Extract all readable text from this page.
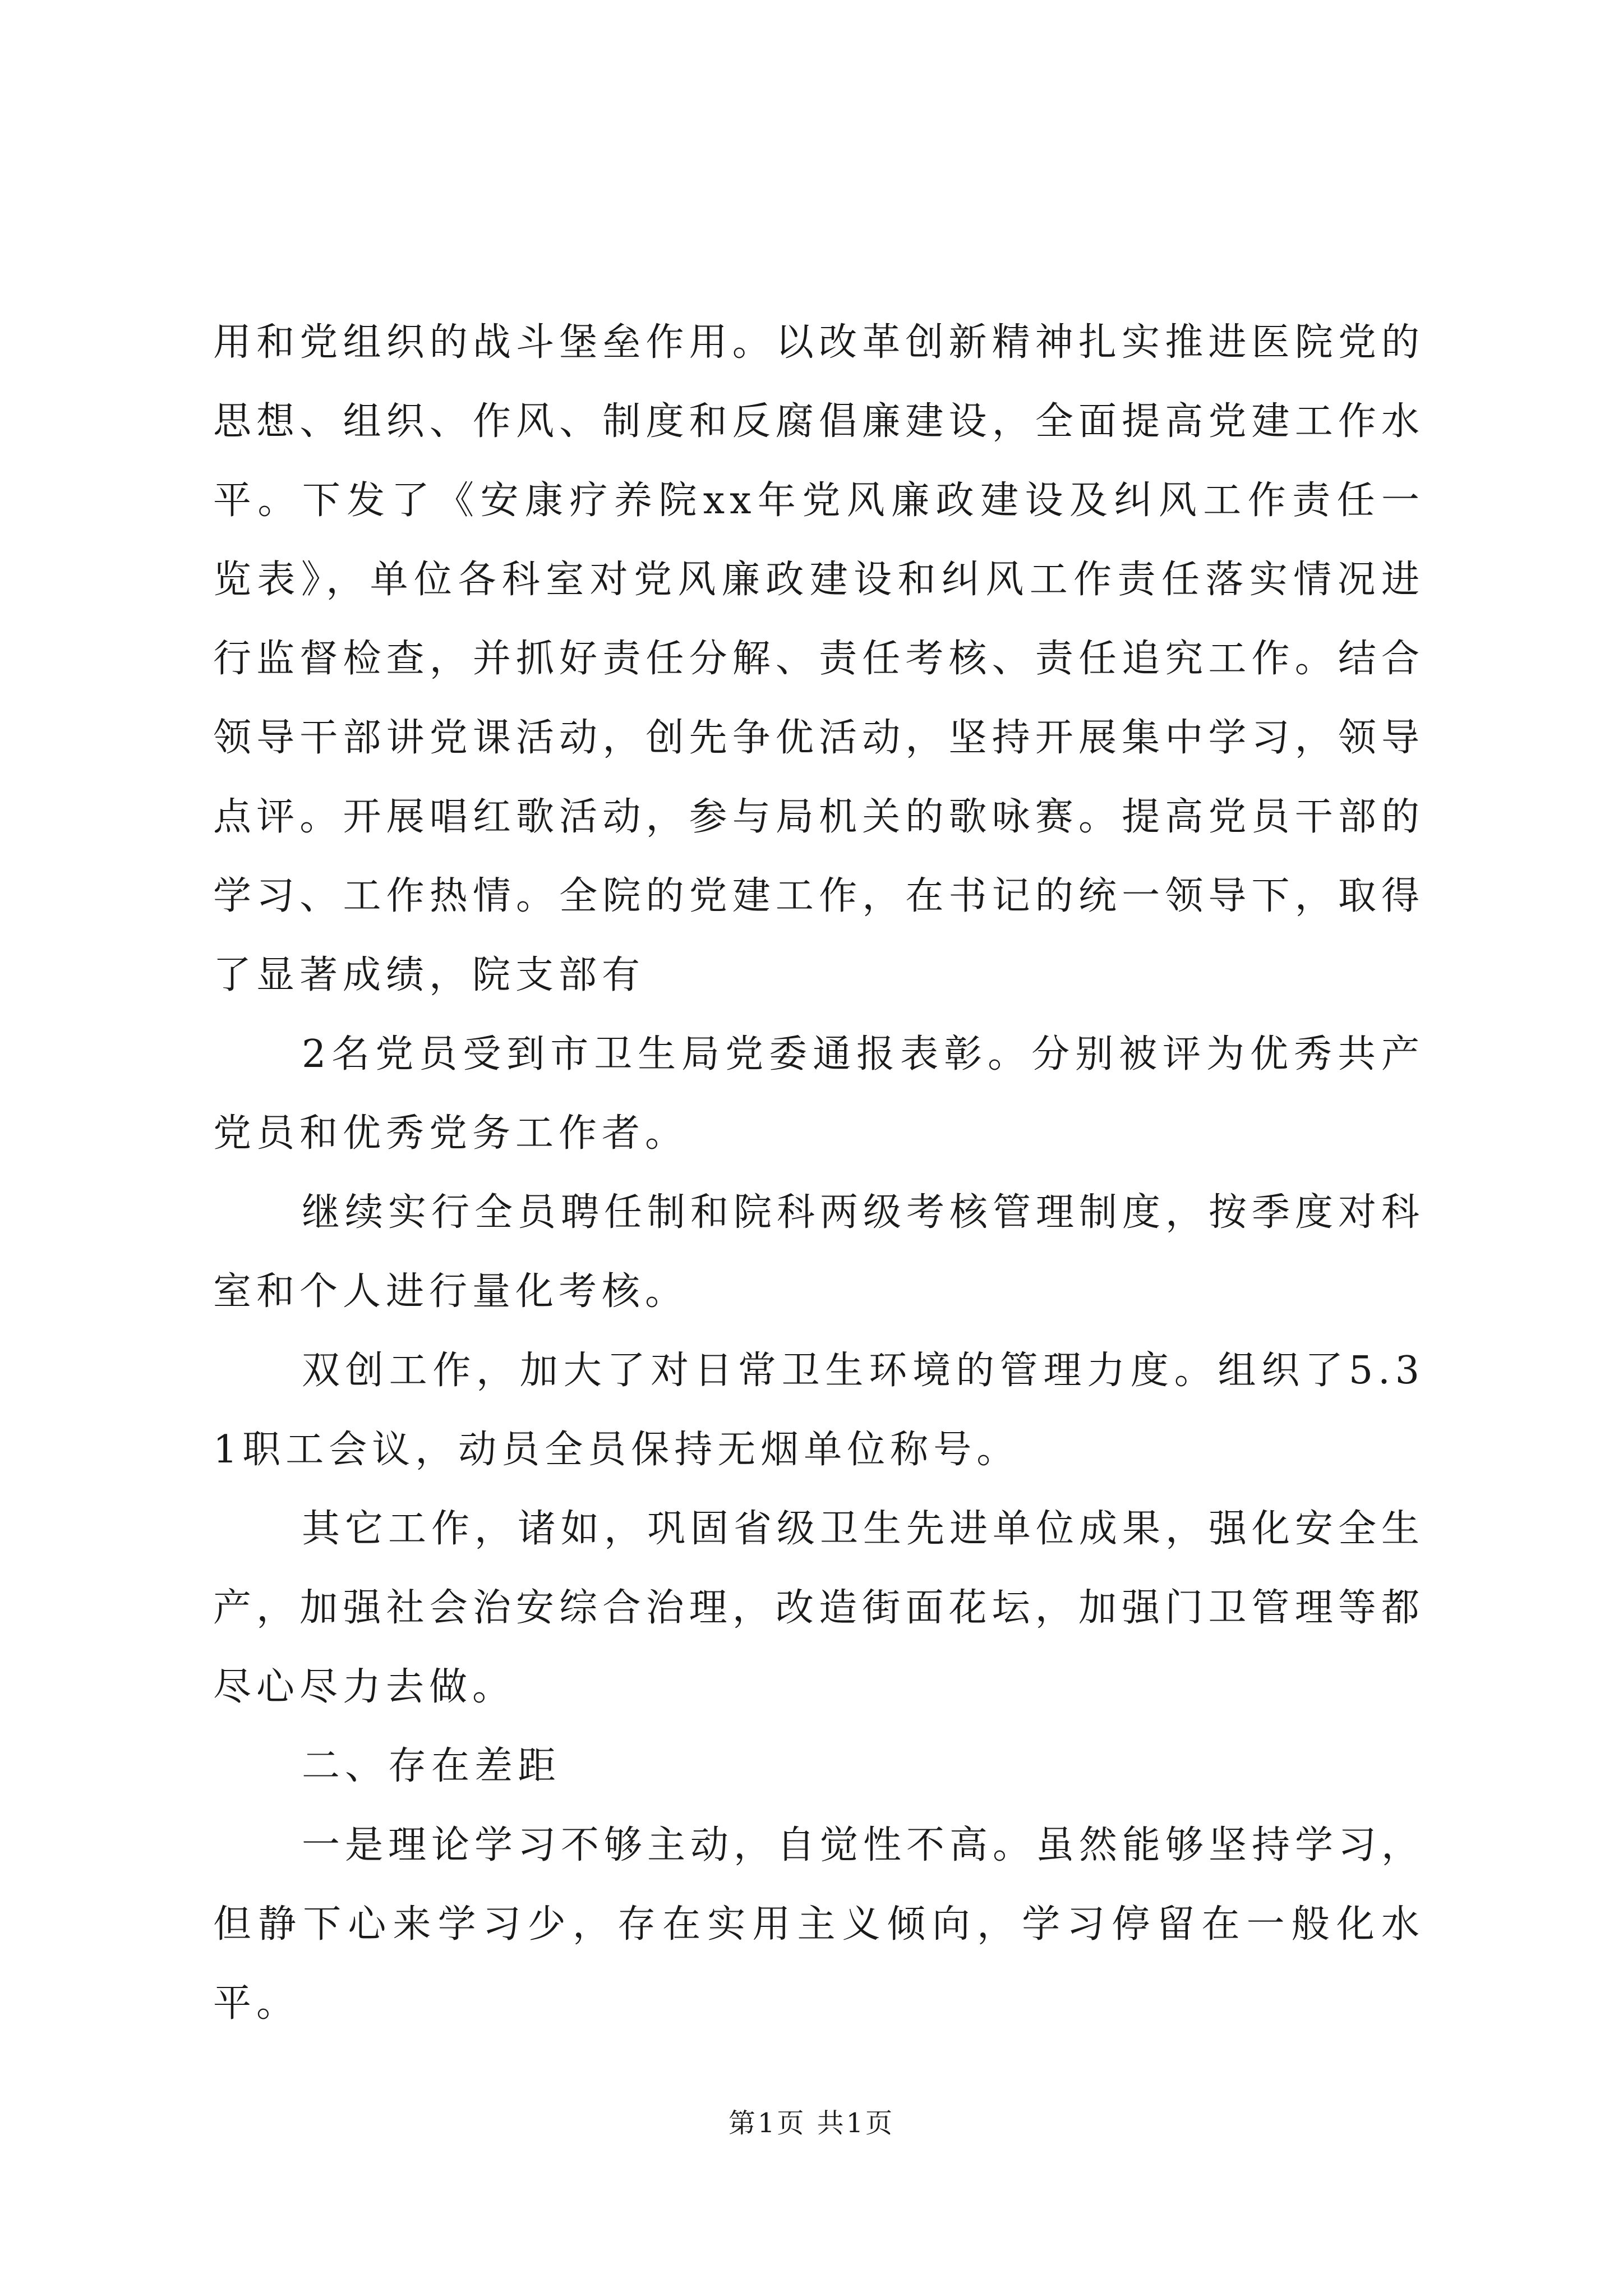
用和党组织的战斗堡垒作用。以改革创新精神扎实推进医院党的思想、组织、作风、制度和反腐倡廉建设，全面提高党建工作水平。下发了《安康疗养院xx年党风廉政建设及纠风工作责任一览表》，单位各科室对党风廉政建设和纠风工作责任落实情况进行监督检查，并抓好责任分解、责任考核、责任追究工作。结合领导干部讲党课活动，创先争优活动，坚持开展集中学习，领导点评。开展唱红歌活动，参与局机关的歌咏赛。提高党员干部的学习、工作热情。全院的党建工作，在书记的统一领导下，取得了显著成绩，院支部有

2名党员受到市卫生局党委通报表彰。分别被评为优秀共产党员和优秀党务工作者。

继续实行全员聘任制和院科两级考核管理制度，按季度对科室和个人进行量化考核。

双创工作，加大了对日常卫生环境的管理力度。组织了5.31职工会议，动员全员保持无烟单位称号。

其它工作，诸如，巩固省级卫生先进单位成果，强化安全生产，加强社会治安综合治理，改造街面花坛，加强门卫管理等都尽心尽力去做。

二、存在差距

一是理论学习不够主动，自觉性不高。虽然能够坚持学习，但静下心来学习少，存在实用主义倾向，学习停留在一般化水平。

第1页 共1页
